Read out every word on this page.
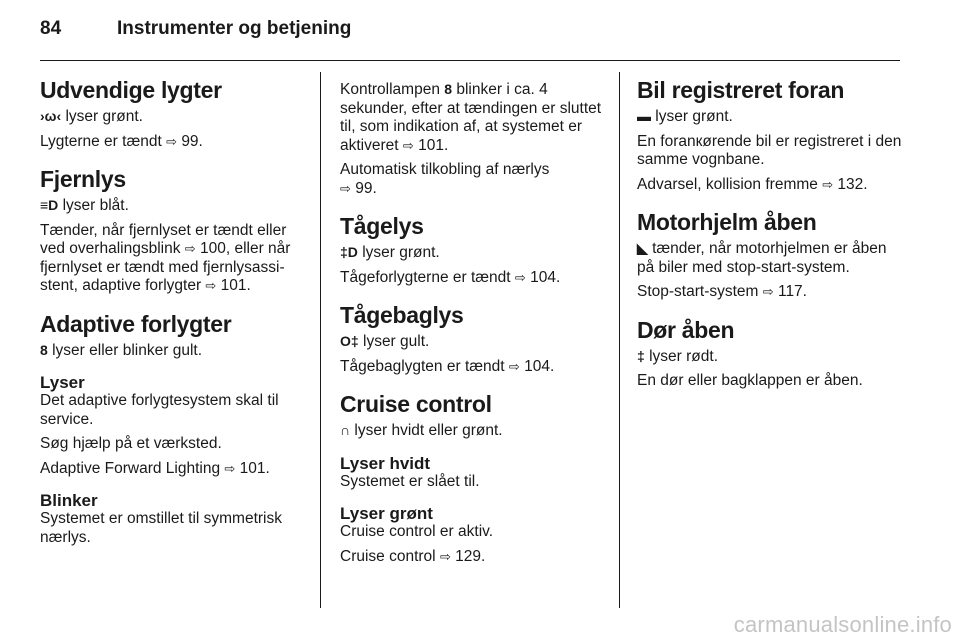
84	Instrumenter og betjening
Udvendige lygter

›ω‹ lyser grønt.

Lygterne er tændt ⇨ 99.

Fjernlys

≡D lyser blåt.

Tænder, når fjernlyset er tændt eller ved overhalingsblink ⇨ 100, eller når fjernlyset er tændt med fjernlysassistent, adaptive forlygter ⇨ 101.

Adaptive forlygter

8 lyser eller blinker gult.

Lyser

Det adaptive forlygtesystem skal til service.

Søg hjælp på et værksted.

Adaptive Forward Lighting ⇨ 101.

Blinker

Systemet er omstillet til symmetrisk nærlys.

Kontrollampen 8 blinker i ca. 4 sekunder, efter at tændingen er sluttet til, som indikation af, at systemet er aktiveret ⇨ 101.

Automatisk tilkobling af nærlys
⇨ 99.

Tågelys

‡D lyser grønt.

Tågeforlygterne er tændt ⇨ 104.

Tågebaglys

O‡ lyser gult.

Tågebaglygten er tændt ⇨ 104.

Cruise control

∩ lyser hvidt eller grønt.

Lyser hvidt

Systemet er slået til.

Lyser grønt

Cruise control er aktiv.

Cruise control ⇨ 129.

Bil registreret foran

▬ lyser grønt.

En foranкørende bil er registreret i den samme vognbane.

Advarsel, kollision fremme ⇨ 132.

Motorhjelm åben

◣ tænder, når motorhjelmen er åben på biler med stop-start-system.

Stop-start-system ⇨ 117.

Dør åben

‡ lyser rødt.

En dør eller bagklappen er åben.

carmanualsonline.info
